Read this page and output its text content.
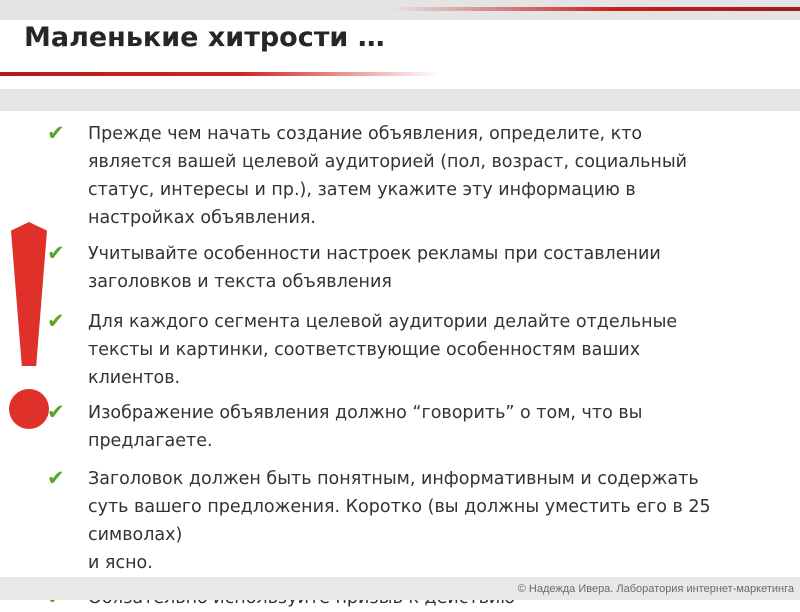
Маленькие хитрости …
✔ Прежде чем начать создание объявления, определите, кто
является вашей целевой аудиторией (пол, возраст, социальный
статус, интересы и пр.), затем укажите эту информацию в
настройках объявления.
✔ Учитывайте особенности настроек рекламы при составлении
заголовков и текста объявления
✔ Для каждого сегмента целевой аудитории делайте отдельные
тексты и картинки, соответствующие особенностям ваших
клиентов.
✔ Изображение объявления должно “говорить” о том, что вы
предлагаете.
✔ Заголовок должен быть понятным, информативным и содержать
суть вашего предложения. Коротко (вы должны уместить его в 25
символах)
и ясно.
© Надежда Ивера. Лаборатория интернет-маркетинга
